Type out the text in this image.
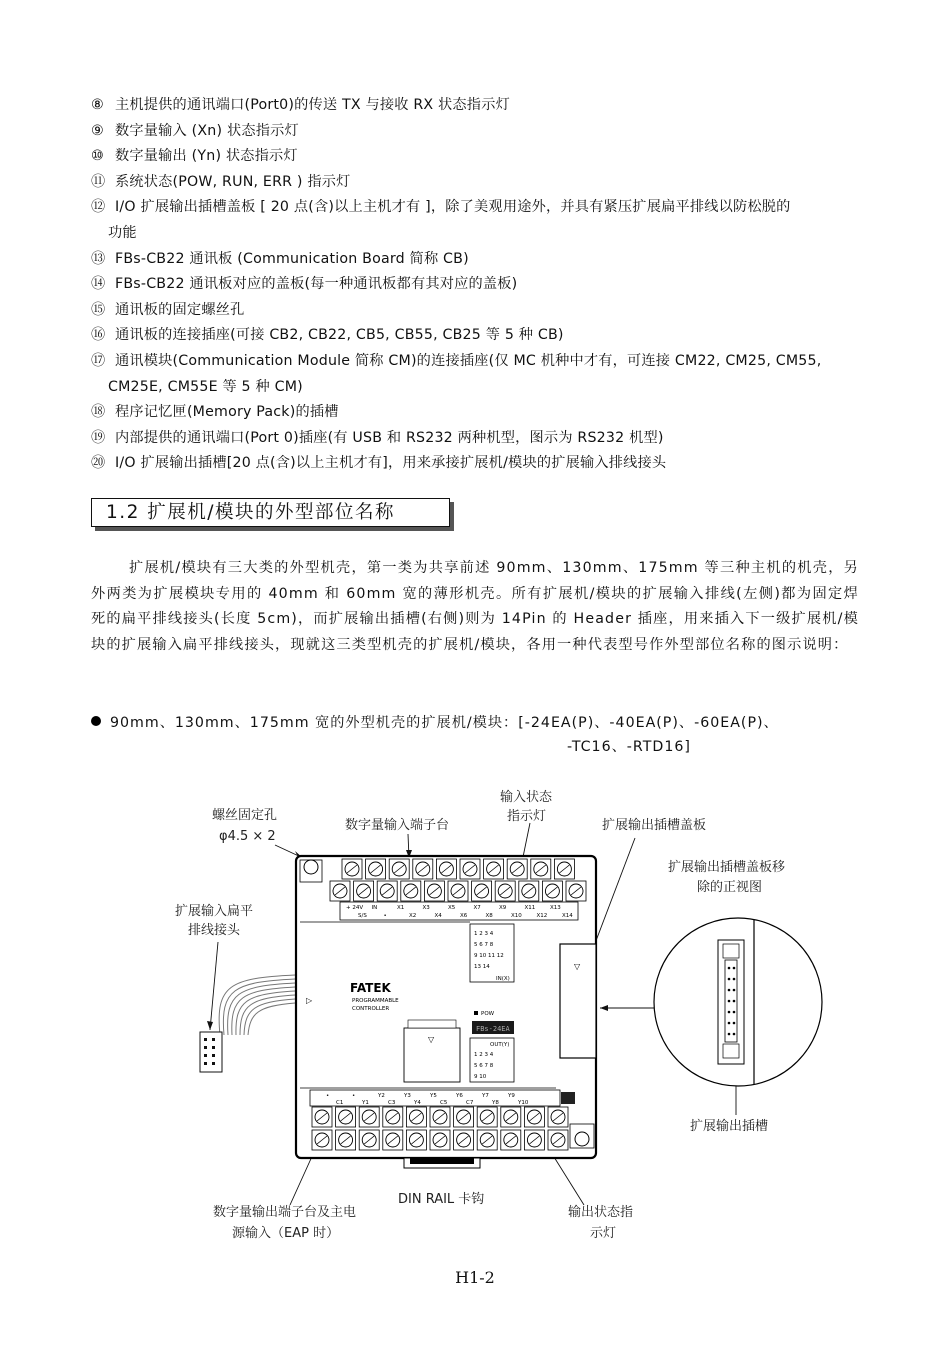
⑧ 主机提供的通讯端口(Port0)的传送 TX 与接收 RX 状态指示灯
⑨ 数字量输入 (Xn) 状态指示灯
⑩ 数字量输出 (Yn) 状态指示灯
⑪ 系统状态(POW, RUN, ERR ) 指示灯
⑫ I/O 扩展输出插槽盖板 [ 20 点(含)以上主机才有 ]，除了美观用途外，并具有紧压扩展扁平排线以防松脱的
功能
⑬ FBs-CB22 通讯板 (Communication Board 简称 CB)
⑭ FBs-CB22 通讯板对应的盖板(每一种通讯板都有其对应的盖板)
⑮ 通讯板的固定螺丝孔
⑯ 通讯板的连接插座(可接 CB2, CB22, CB5, CB55, CB25 等 5 种 CB)
⑰ 通讯模块(Communication Module 简称 CM)的连接插座(仅 MC 机种中才有，可连接 CM22, CM25, CM55,
CM25E, CM55E 等 5 种 CM)
⑱ 程序记忆匣(Memory Pack)的插槽
⑲ 内部提供的通讯端口(Port 0)插座(有 USB 和 RS232 两种机型，图示为 RS232 机型)
⑳ I/O 扩展输出插槽[20 点(含)以上主机才有]，用来承接扩展机/模块的扩展输入排线接头
1.2 扩展机/模块的外型部位名称

扩展机/模块有三大类的外型机壳，第一类为共享前述 90mm、130mm、175mm 等三种主机的机壳，另外两类为扩展模块专用的 40mm 和 60mm 宽的薄形机壳。所有扩展机/模块的扩展输入排线(左侧)都为固定焊死的扁平排线接头(长度 5cm)，而扩展输出插槽(右侧)则为 14Pin 的 Header 插座，用来插入下一级扩展机/模块的扩展输入扁平排线接头，现就这三类型机壳的扩展机/模块，各用一种代表型号作外型部位名称的图示说明：

90mm、130mm、175mm 宽的外型机壳的扩展机/模块：[-24EA(P)、-40EA(P)、-60EA(P)、
-TC16、-RTD16]
螺丝固定孔
φ4.5 × 2
数字量输入端子台
输入状态
指示灯
扩展输出插槽盖板
扩展输出插槽盖板移
除的正视图
扩展输入扁平
排线接头
扩展输出插槽
DIN RAIL 卡钩
数字量输出端子台及主电
源输入（EAP 时）
输出状态指
示灯
+ 24V IN	X1	X3	X5	X7	X9	X11	X13
S/S	•	X2	X4	X6	X8	X10	X12	X14
•	•	Y2	Y3	Y5	Y6	Y7	Y9
C1	Y1	C3	Y4	C5	C7	Y8	Y10
▷
FATEK
PROGRAMMABLE
CONTROLLER
1 2 3 4
5 6 7 8
9 10 11 12
13 14
IN(X)
POW
FBs-24EA
OUT(Y)
1 2 3 4
5 6 7 8
9 10
▽
▽
H1-2
